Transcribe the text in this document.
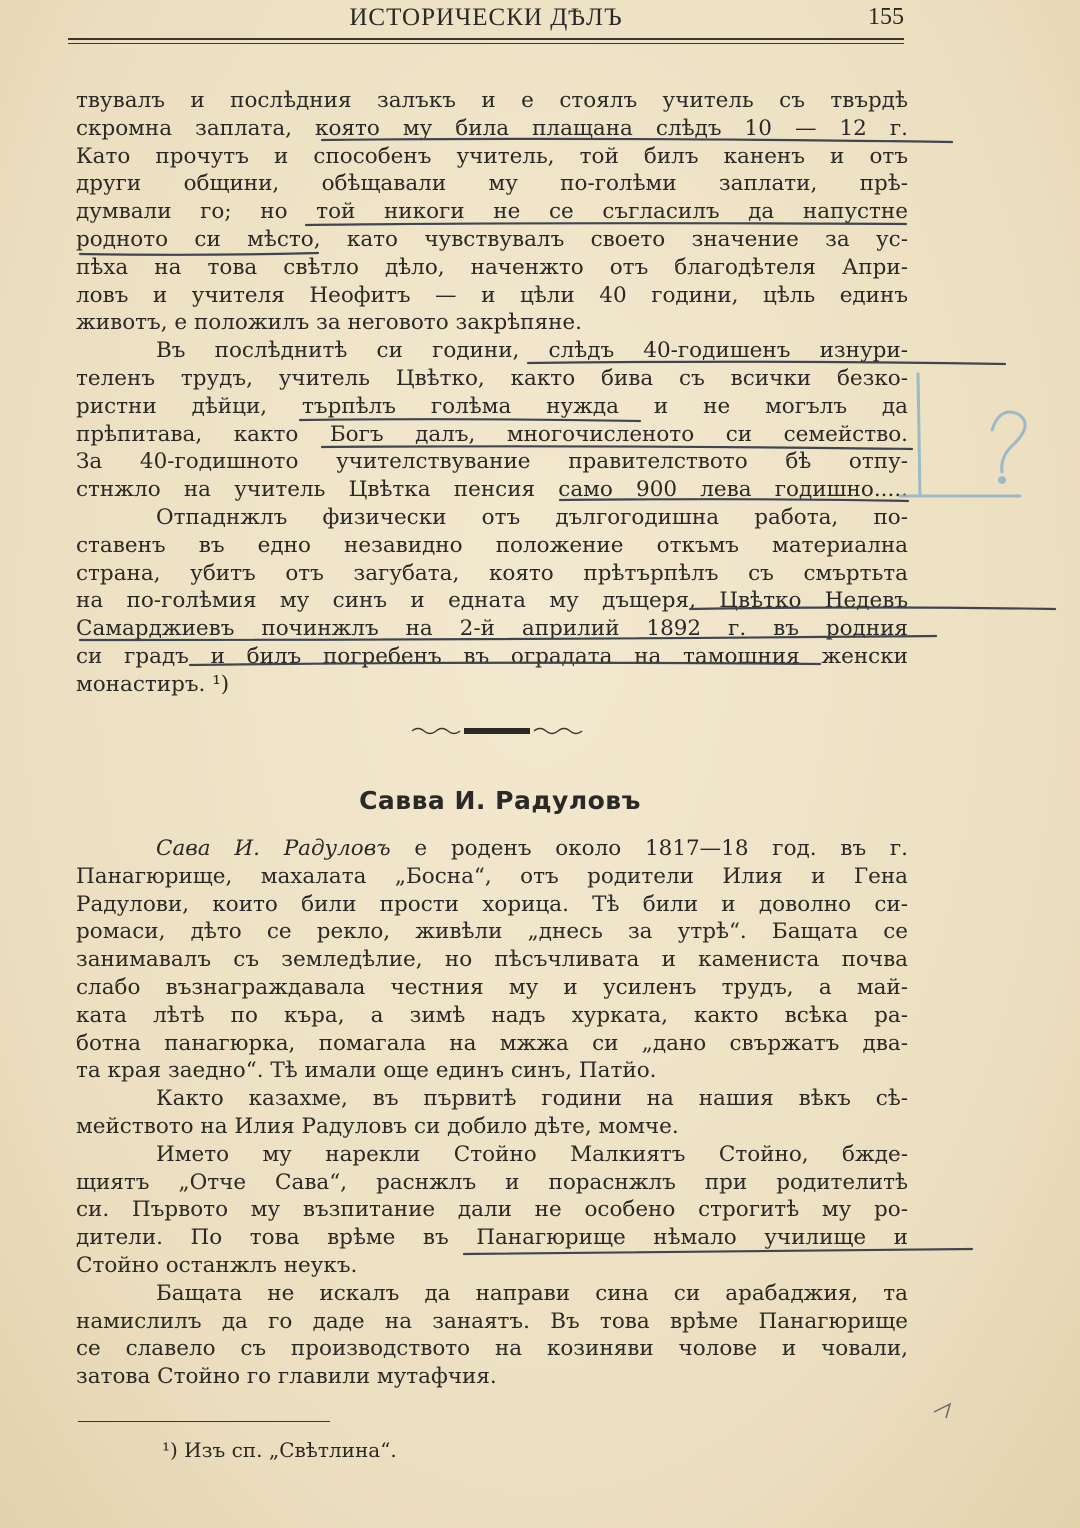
ИСТОРИЧЕСКИ ДѢЛЪ	155
твувалъ и послѣдния залъкъ и е стоялъ учитель съ твърдѣ
скромна заплата, която му била плащана слѣдъ 10 — 12 г.
Като прочутъ и способенъ учитель, той билъ каненъ и отъ
други общини, обѣщавали му по-голѣми заплати, прѣ-
думвали го; но той никоги не се съгласилъ да напустне
родното си мѣсто, като чувствувалъ своето значение за ус-
пѣха на това свѣтло дѣло, наченжто отъ благодѣтеля Апри-
ловъ и учителя Неофитъ — и цѣли 40 години, цѣль единъ
животъ, е положилъ за неговото закрѣпяне.
Въ послѣднитѣ си години, слѣдъ 40-годишенъ изнури-
теленъ трудъ, учитель Цвѣтко, както бива съ всички безко-
ристни дѣйци, търпѣлъ голѣма нужда и не могълъ да
прѣпитава, както Богъ далъ, многочисленото си семейство.
За 40-годишното учителствувание правителството бѣ отпу-
стнжло на учитель Цвѣтка пенсия само 900 лева годишно.....
Отпаднжлъ физически отъ дългогодишна работа, по-
ставенъ въ едно незавидно положение откъмъ материална
страна, убитъ отъ загубата, която прѣтърпѣлъ съ смъртьта
на по-голѣмия му синъ и едната му дъщеря, Цвѣтко Недевъ
Самарджиевъ починжлъ на 2-й априлий 1892 г. въ родния
си градъ и билъ погребенъ въ оградата на тамошния женски
монастиръ. ¹)
Савва И. Радуловъ
Сава И. Радуловъ е роденъ около 1817—18 год. въ г.
Панагюрище, махалата „Босна“, отъ родители Илия и Гена
Радулови, които били прости хорица. Тѣ били и доволно си-
ромаси, дѣто се рекло, живѣли „днесь за утрѣ“. Бащата се
занимавалъ съ земледѣлие, но пѣсъчливата и камениста почва
слабо възнаграждавала честния му и усиленъ трудъ, а май-
ката лѣтѣ по кърa, а зимѣ надъ хурката, както всѣка ра-
ботна панагюрка, помагала на мжжа си „дано свържатъ два-
та края заедно“. Тѣ имали още единъ синъ, Патйо.
Както казахме, въ първитѣ години на нашия вѣкъ сѣ-
мейството на Илия Радуловъ си добило дѣте, момче.
Името му нарекли Стойно Малкиятъ Стойно, бжде-
щиятъ „Отче Сава“, раснжлъ и пораснжлъ при родителитѣ
си. Първото му възпитание дали не особено строгитѣ му ро-
дители. По това врѣме въ Панагюрище нѣмало училище и
Стойно останжлъ неукъ.
Бащата не искалъ да направи сина си арабаджия, та
намислилъ да го даде на занаятъ. Въ това врѣме Панагюрище
се славело съ производството на козиняви чолове и човали,
затова Стойно го главили мутафчия.
¹) Изъ сп. „Свѣтлина“.
